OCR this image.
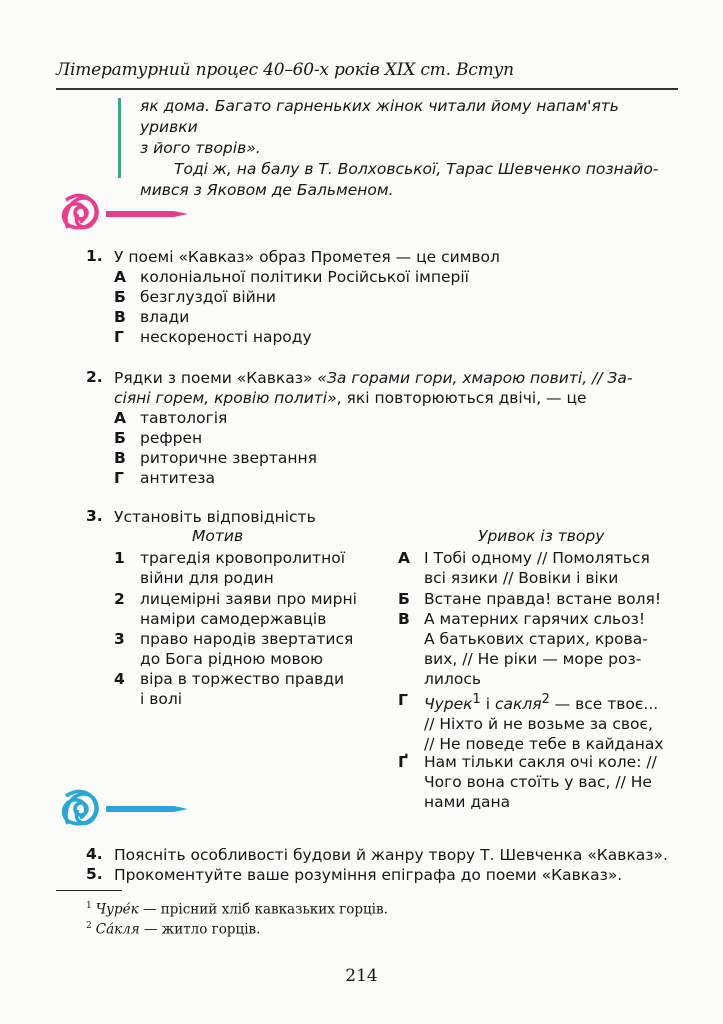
Літературний процес 40–60-х років XIX ст. Вступ

як дома. Багато гарненьких жінок читали йому напам'ять уривки

з його творів».

Тоді ж, на балу в Т. Волховської, Тарас Шевченко познайо-

мився з Яковом де Бальменом.

1. У поемі «Кавказ» образ Прометея — це символ
А колоніальної політики Російської імперії
Б безглуздої війни
В влади
Г нескореності народу
2. Рядки з поеми «Кавказ» «За горами гори, хмарою повиті, // За-
сіяні горем, кровію политі», які повторюються двічі, — це
А тавтологія
Б рефрен
В риторичне звертання
Г антитеза
3. Установіть відповідність
Мотив	Уривок із твору
1 трагедія кровопролитної
війни для родин
2 лицемірні заяви про мирні
наміри самодержавців
3 право народів звертатися
до Бога рідною мовою
4 віра в торжество правди
і волі
А І Тобі одному // Помоляться
всі язики // Вовіки і віки
Б Встане правда! встане воля!
В А матерних гарячих сльоз!
А батькових старих, крова-
вих, // Не ріки — море роз-
лилось
Г Чурек$^1$ і сакля$^2$ — все твоє...
// Ніхто й не возьме за своє,
// Не поведе тебе в кайданах
Ґ Нам тільки сакля очі коле: //
Чого вона стоїть у вас, // Не
нами дана
4. Поясніть особливості будови й жанру твору Т. Шевченка «Кавказ».
5. Прокоментуйте ваше розуміння епіграфа до поеми «Кавказ».
$^1$ Чуре́к — прісний хліб кавказьких горців.
$^2$ Са́кля — житло горців.
214
